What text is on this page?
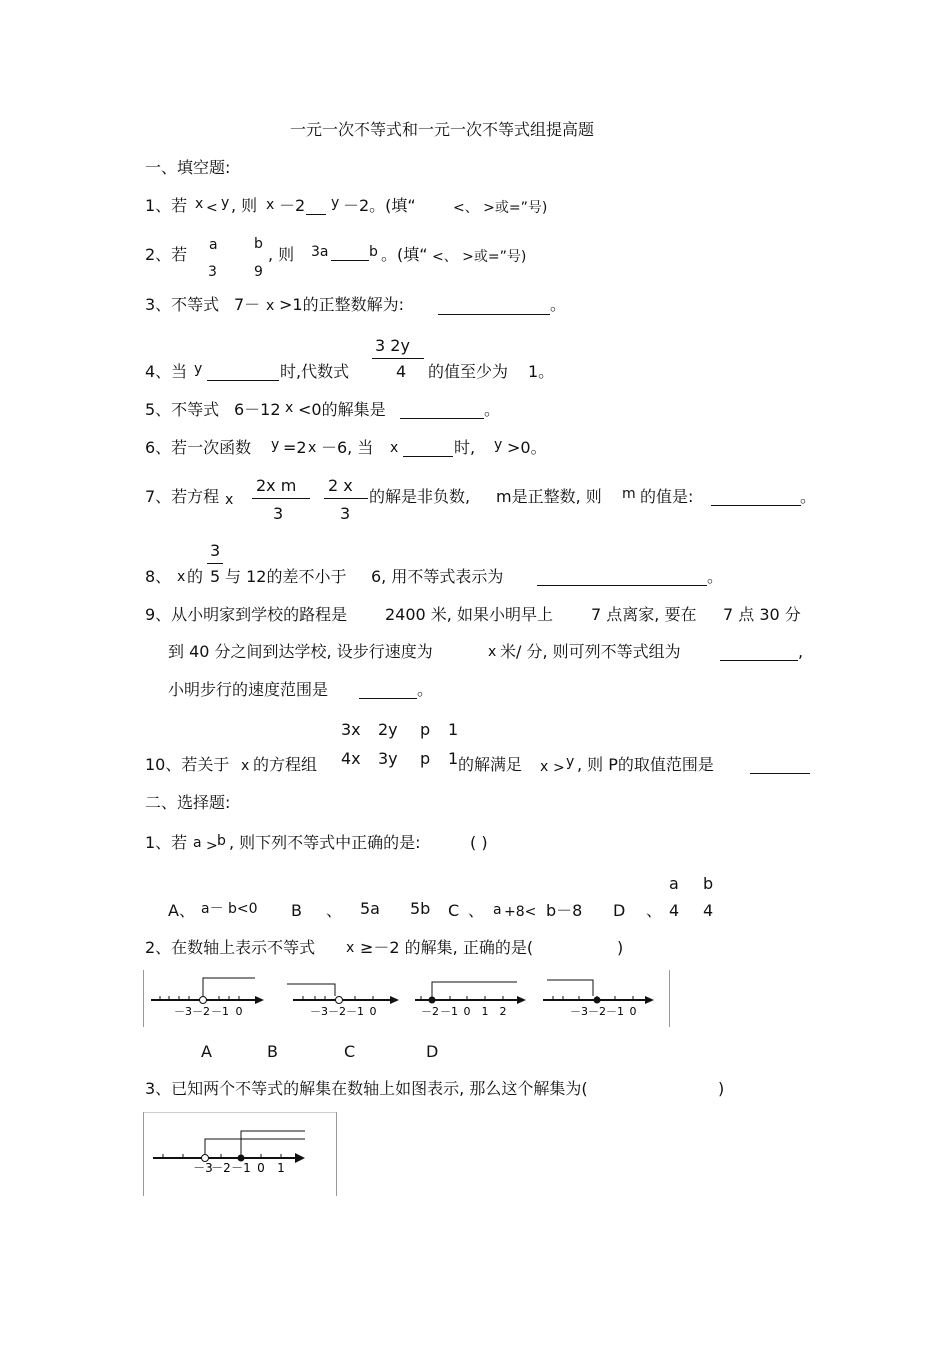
一元一次不等式和一元一次不等式组提高题
一、填空题:
1、若 x < y , 则 x －2 y －2。(填“	<、 >或=”号)
2、若 a
3
b
9
, 则 3a	b 。(填“ <、 >或=”号)
3、不等式 7－ x >1的正整数解为:	。
4、当 y	时,代数式
3 2y
4 的值至少为 1。
5、不等式 6－12 x <0的解集是	。
6、若一次函数 y =2 x －6, 当 x	时, y >0。
7、若方程 x
2x m
3
2 x
3
的解是非负数, m是正整数, 则 m 的值是:	。
8、 x 的
3
5 与 12的差不小于 6, 用不等式表示为	。
9、从小明家到学校的路程是 2400 米, 如果小明早上 7 点离家, 要在 7 点 30 分
到 40 分之间到达学校, 设步行速度为	x 米/ 分, 则可列不等式组为	,
小明步行的速度范围是	。
3x 2y p 1
10、若关于 x 的方程组 4x 3y p 1 的解满足 x > y , 则 P的取值范围是
二、选择题:
1、若 a > b , 则下列不等式中正确的是:	( )
A、 a－ b<0 B 、 5a 5b C 、 a +8< b－8 D 、
a
4
b
4
2、在数轴上表示不等式 x ≥－2 的解集, 正确的是(	)
－3 －2 －1 0	－3 －2 －1 0	－2 －1 0 1 2	－3 －2 －1 0
A	B	C	D
3、已知两个不等式的解集在数轴上如图表示, 那么这个解集为(	)
－3
－2 －1 0 1
